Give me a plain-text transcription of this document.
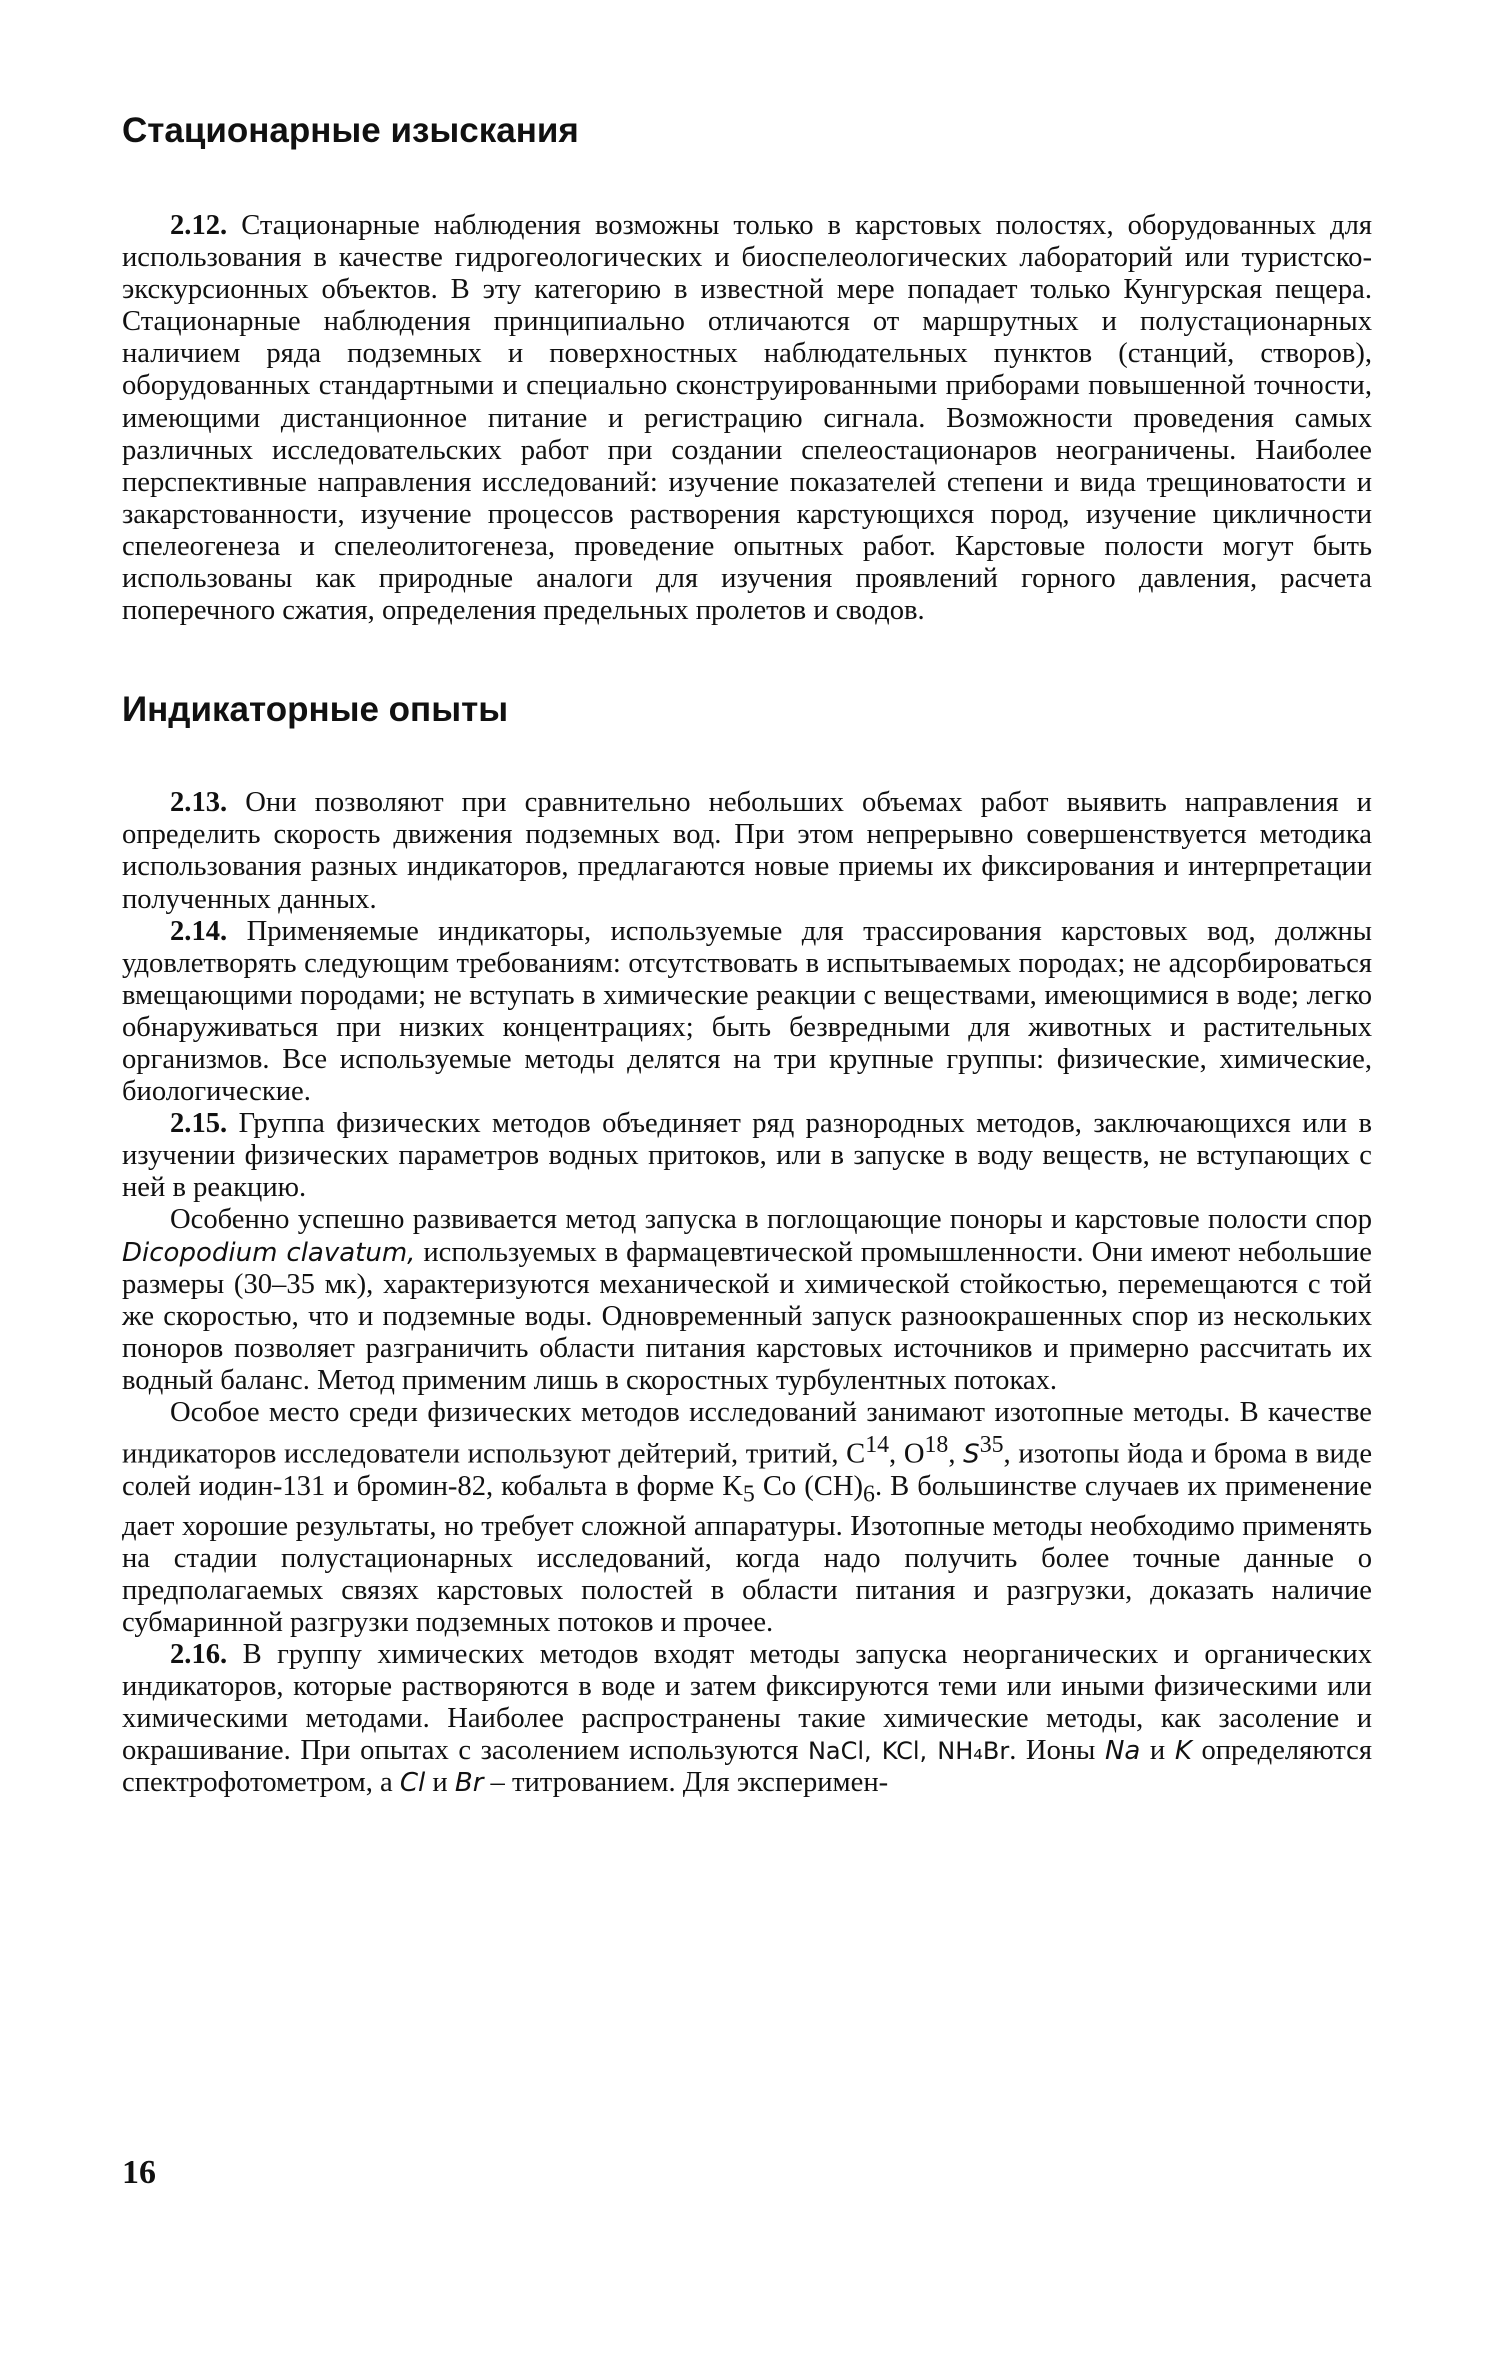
Стационарные изыскания

2.12. Стационарные наблюдения возможны только в карстовых полостях, оборудованных для использования в качестве гидрогеологических и биоспелеологических лабораторий или туристско-экскурсионных объектов. В эту категорию в известной мере попадает только Кунгурская пещера. Стационарные наблюдения принципиально отличаются от маршрутных и полустационарных наличием ряда подземных и поверхностных наблюдательных пунктов (станций, створов), оборудованных стандартными и специально сконструированными приборами повышенной точности, имеющими дистанционное питание и регистрацию сигнала. Возможности проведения самых различных исследовательских работ при создании спелеостационаров неограничены. Наиболее перспективные направления исследований: изучение показателей степени и вида трещиноватости и закарстованности, изучение процессов растворения карстующихся пород, изучение цикличности спелеогенеза и спелеолитогенеза, проведение опытных работ. Карстовые полости могут быть использованы как природные аналоги для изучения проявлений горного давления, расчета поперечного сжатия, определения предельных пролетов и сводов.

Индикаторные опыты

2.13. Они позволяют при сравнительно небольших объемах работ выявить направления и определить скорость движения подземных вод. При этом непрерывно совершенствуется методика использования разных индикаторов, предлагаются новые приемы их фиксирования и интерпретации полученных данных.

2.14. Применяемые индикаторы, используемые для трассирования карстовых вод, должны удовлетворять следующим требованиям: отсутствовать в испытываемых породах; не адсорбироваться вмещающими породами; не вступать в химические реакции с веществами, имеющимися в воде; легко обнаруживаться при низких концентрациях; быть безвредными для животных и растительных организмов. Все используемые методы делятся на три крупные группы: физические, химические, биологические.

2.15. Группа физических методов объединяет ряд разнородных методов, заключающихся или в изучении физических параметров водных притоков, или в запуске в воду веществ, не вступающих с ней в реакцию.

Особенно успешно развивается метод запуска в поглощающие поноры и карстовые полости спор Dicopodium clavatum, используемых в фармацевтической промышленности. Они имеют небольшие размеры (30–35 мк), характеризуются механической и химической стойкостью, перемещаются с той же скоростью, что и подземные воды. Одновременный запуск разноокрашенных спор из нескольких поноров позволяет разграничить области питания карстовых источников и примерно рассчитать их водный баланс. Метод применим лишь в скоростных турбулентных потоках.

Особое место среди физических методов исследований занимают изотопные методы. В качестве индикаторов исследователи используют дейтерий, тритий, $C^{14}$, $O^{18}$, $S^{35}$, изотопы йода и брома в виде солей иодин-131 и бромин-82, кобальта в форме $K_5$ Co $(CH)_6$. В большинстве случаев их применение дает хорошие результаты, но требует сложной аппаратуры. Изотопные методы необходимо применять на стадии полустационарных исследований, когда надо получить более точные данные о предполагаемых связях карстовых полостей в области питания и разгрузки, доказать наличие субмаринной разгрузки подземных потоков и прочее.

2.16. В группу химических методов входят методы запуска неорганических и органических индикаторов, которые растворяются в воде и затем фиксируются теми или иными физическими или химическими методами. Наиболее распространены такие химические методы, как засоление и окрашивание. При опытах с засолением используются NaCl, KCl, NH₄Br. Ионы Na и K определяются спектрофотометром, а Cl и Br – титрованием. Для эксперимен-

16
